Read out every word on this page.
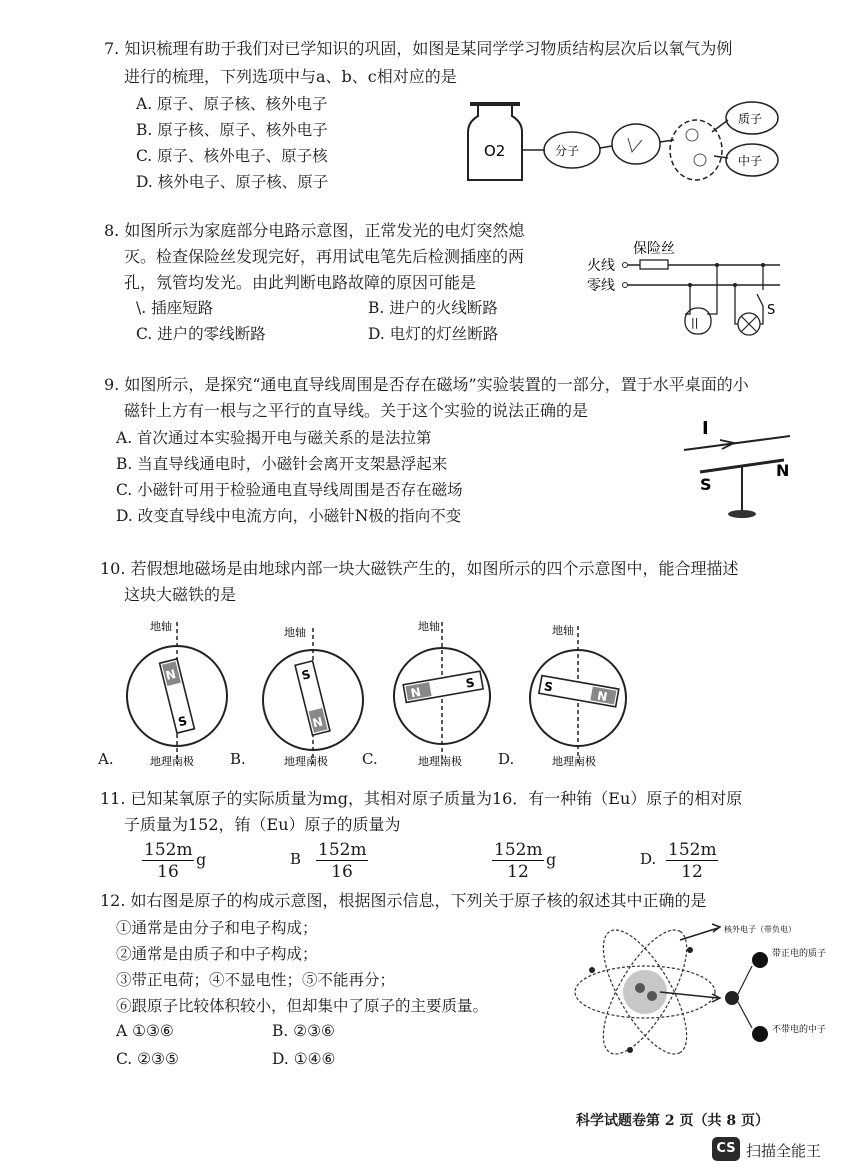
7. 知识梳理有助于我们对已学知识的巩固，如图是某同学学习物质结构层次后以氧气为例
进行的梳理，下列选项中与a、b、c相对应的是
A. 原子、原子核、核外电子
B. 原子核、原子、核外电子
C. 原子、核外电子、原子核
D. 核外电子、原子核、原子
O2	分子
质子
中子
8. 如图所示为家庭部分电路示意图，正常发光的电灯突然熄
灭。检查保险丝发现完好，再用试电笔先后检测插座的两
孔，氖管均发光。由此判断电路故障的原因可能是
\. 插座短路	B. 进户的火线断路
C. 进户的零线断路	D. 电灯的灯丝断路
保险丝
火线
零线
||
S
9. 如图所示，是探究“通电直导线周围是否存在磁场”实验装置的一部分，置于水平桌面的小
磁针上方有一根与之平行的直导线。关于这个实验的说法正确的是
A. 首次通过本实验揭开电与磁关系的是法拉第
B. 当直导线通电时，小磁针会离开支架悬浮起来
C. 小磁针可用于检验通电直导线周围是否存在磁场
D. 改变直导线中电流方向，小磁针N极的指向不变
I
N
S
10. 若假想地磁场是由地球内部一块大磁铁产生的，如图所示的四个示意图中，能合理描述
这块大磁铁的是
地轴
N
S
地理南极
A.
地轴
S
N
地理南极
B.
地轴
N
S
地理南极
C.
地轴
S
N
地理南极
D.
11. 已知某氧原子的实际质量为mg，其相对原子质量为16．有一种铕（Eu）原子的相对原
子质量为152，铕（Eu）原子的质量为
$\frac{152m}{16}$ g	B $\frac{152m}{16}$	$\frac{152m}{12}$ g	D. $\frac{152m}{12}$
12. 如右图是原子的构成示意图，根据图示信息，下列关于原子核的叙述其中正确的是
①通常是由分子和电子构成；
②通常是由质子和中子构成；
③带正电荷；④不显电性；⑤不能再分；
⑥跟原子比较体积较小，但却集中了原子的主要质量。
A ①③⑥	B. ②③⑥
C. ②③⑤	D. ①④⑥
核外电子（带负电）
带正电的质子
不带电的中子
科学试题卷第 2 页（共 8 页）
CS 扫描全能王
